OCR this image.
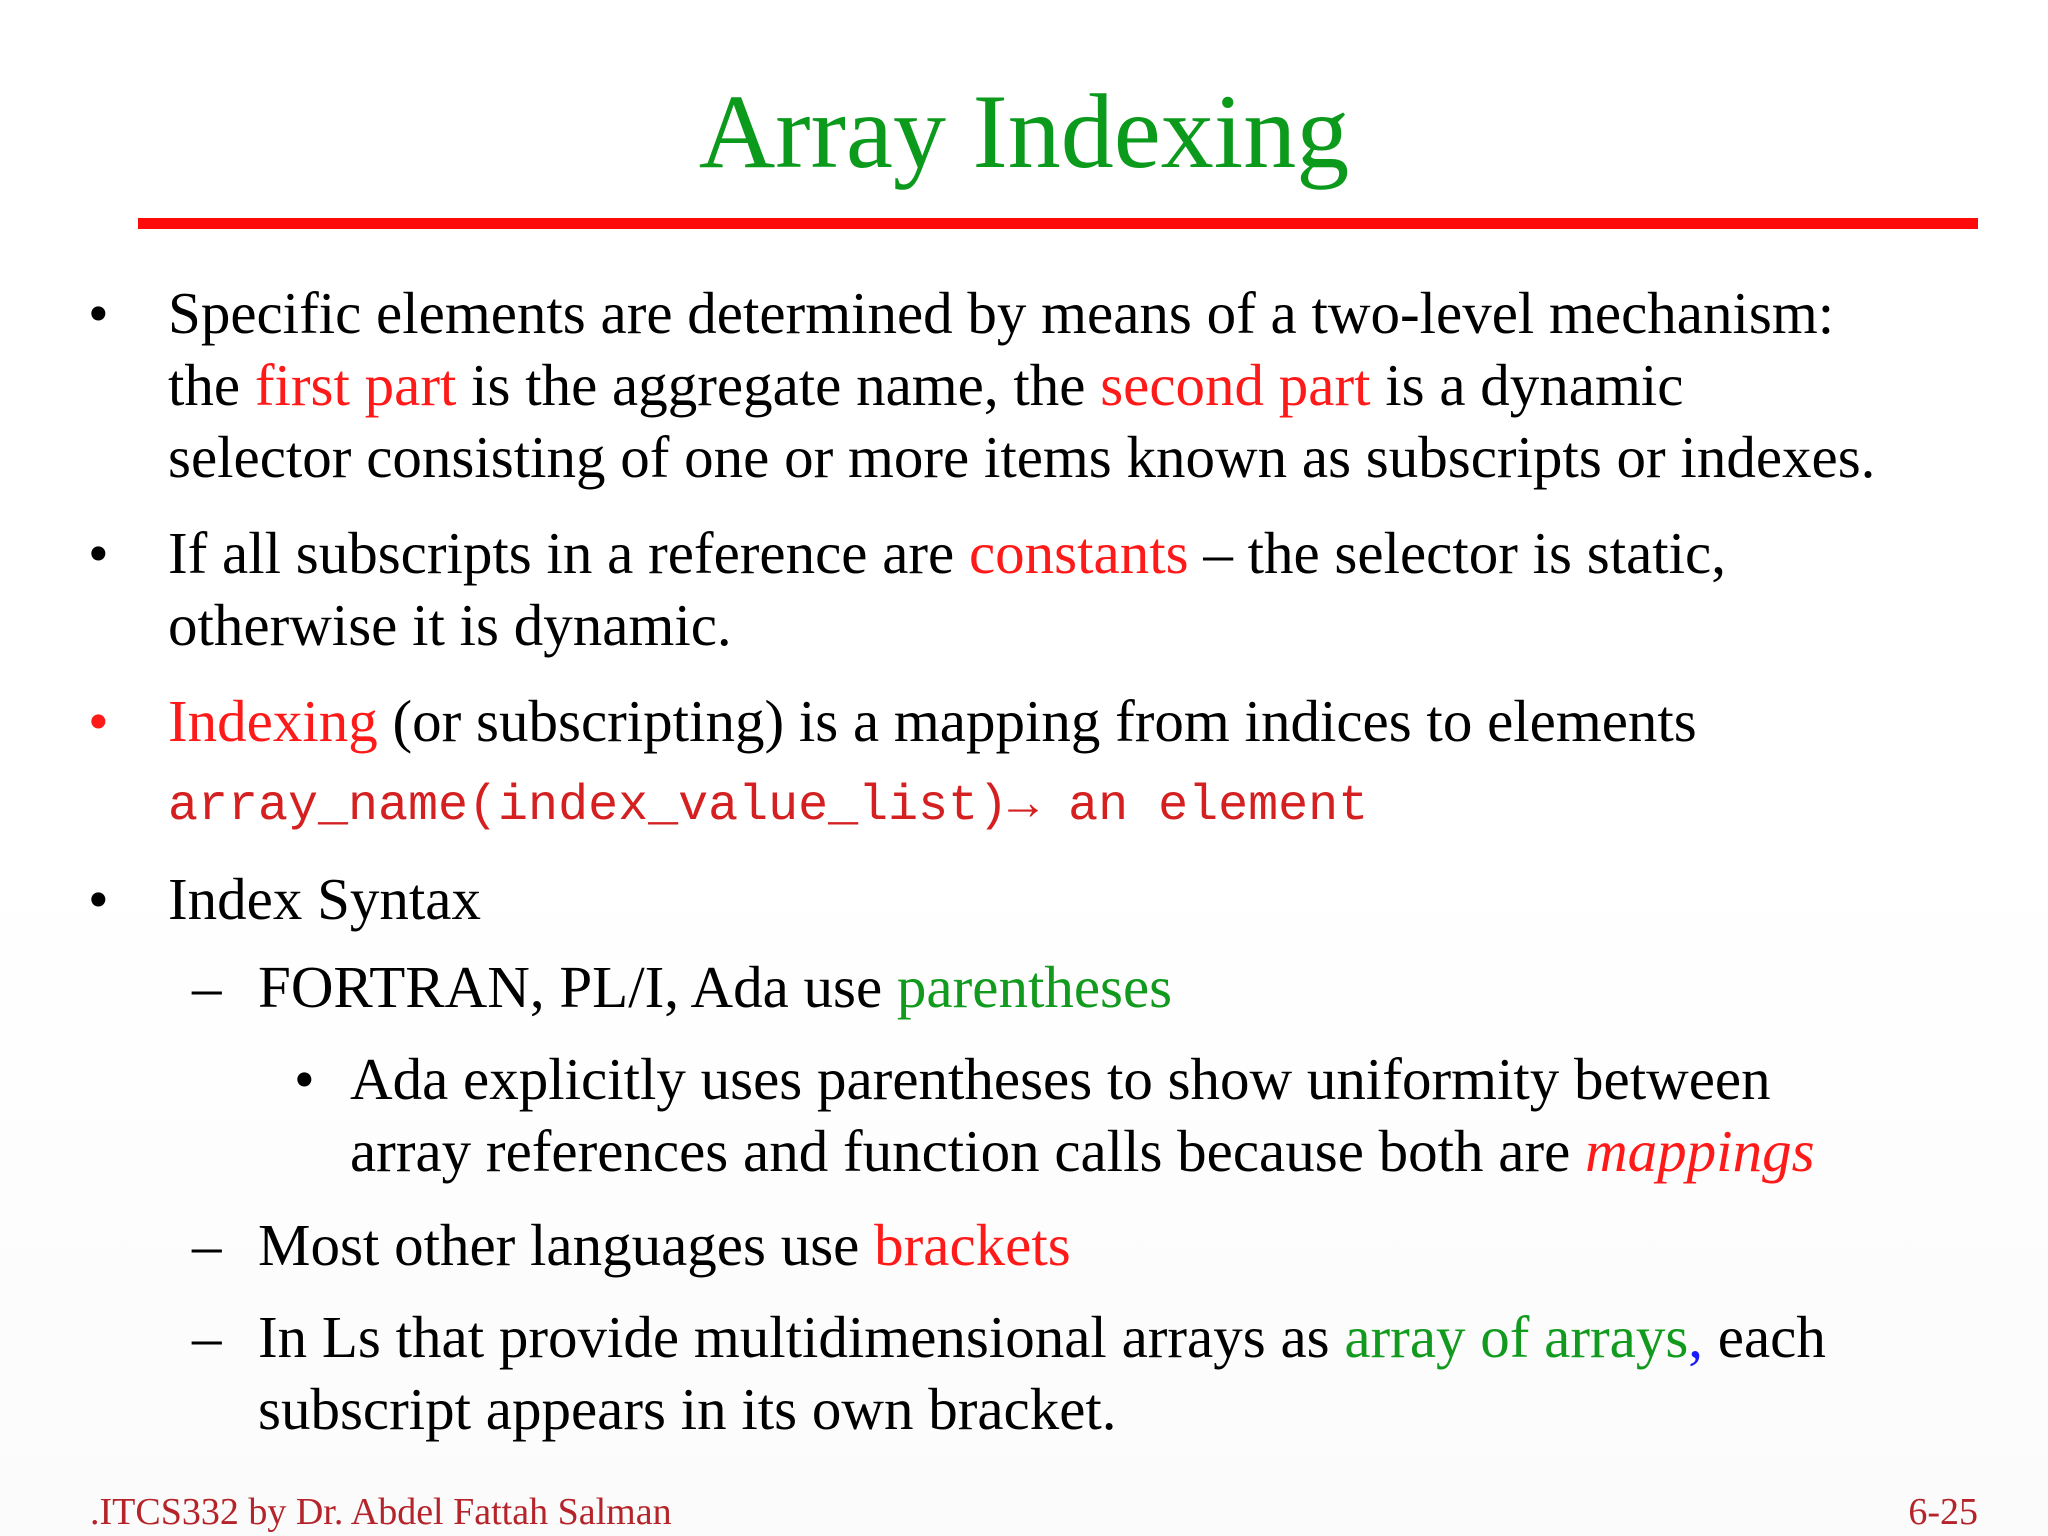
Array Indexing
• Specific elements are determined by means of a two-level mechanism:
the first part is the aggregate name, the second part is a dynamic
selector consisting of one or more items known as subscripts or indexes.
• If all subscripts in a reference are constants – the selector is static,
otherwise it is dynamic.
• Indexing (or subscripting) is a mapping from indices to elements
array_name(index_value_list)→ an element
• Index Syntax
– FORTRAN, PL/I, Ada use parentheses
• Ada explicitly uses parentheses to show uniformity between
array references and function calls because both are mappings
– Most other languages use brackets
– In Ls that provide multidimensional arrays as array of arrays, each
subscript appears in its own bracket.
.ITCS332 by Dr. Abdel Fattah Salman	6-25
